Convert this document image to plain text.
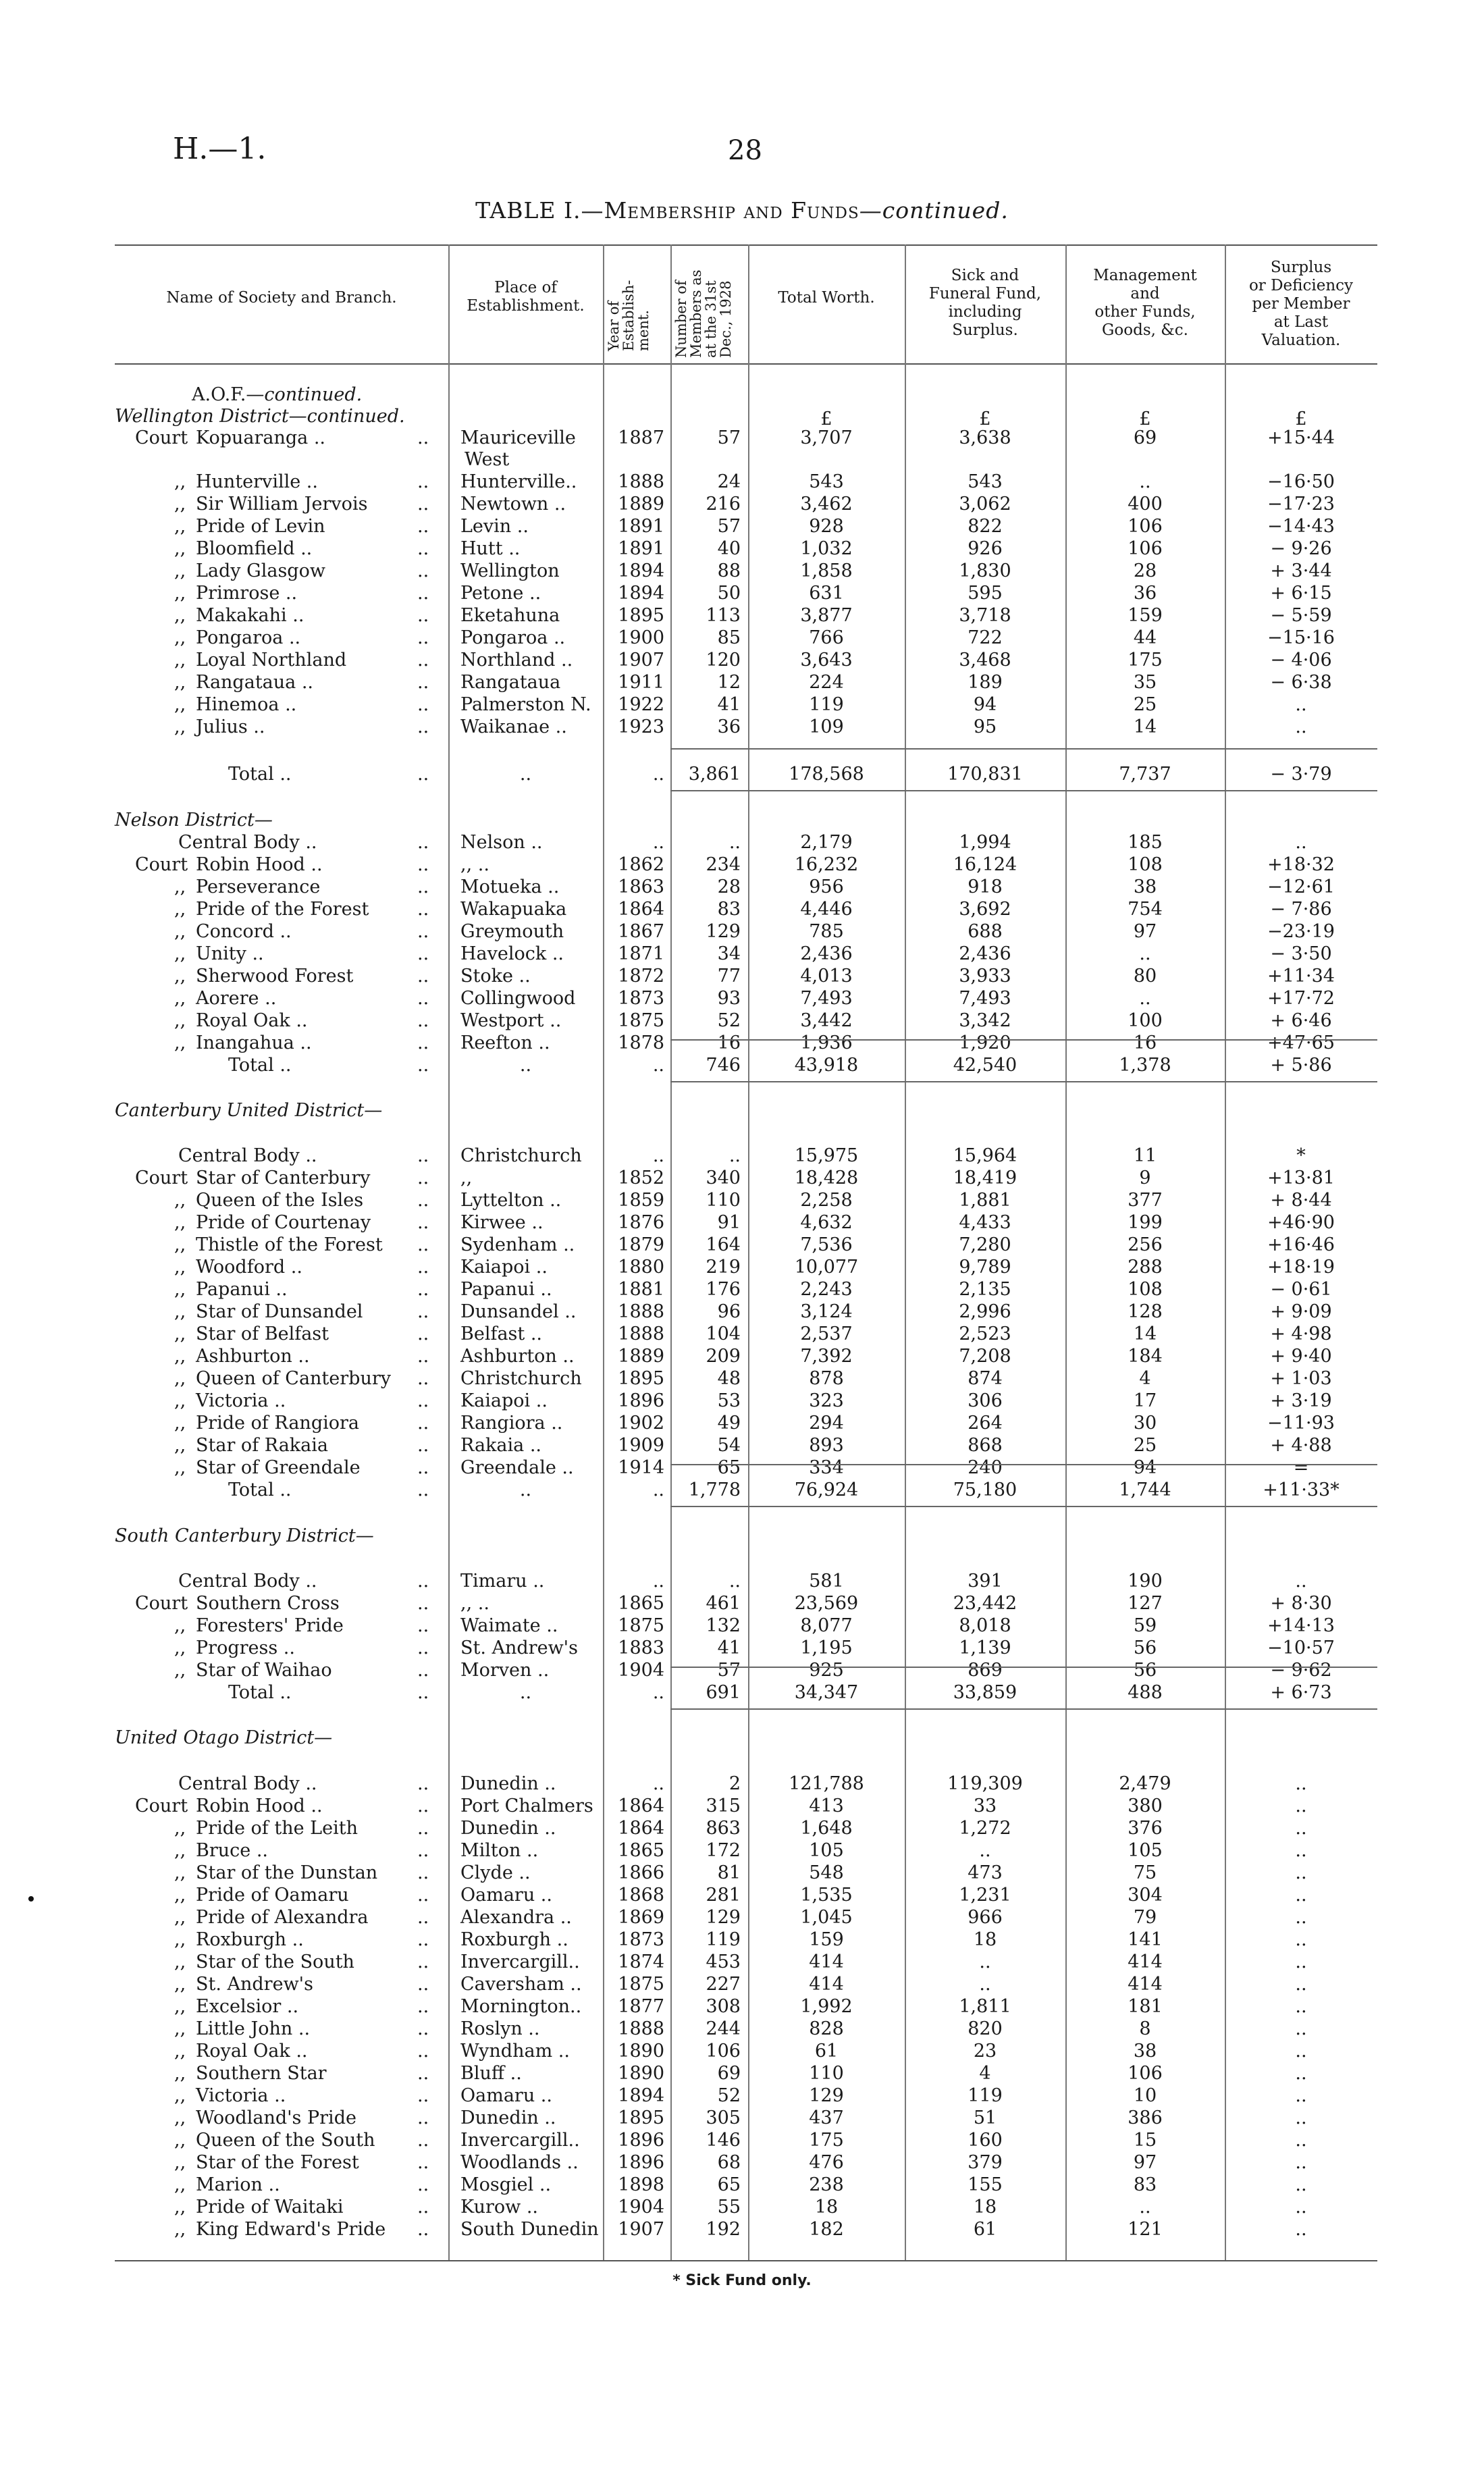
H.—1.	28
TABLE I.—Membership and Funds—continued.
Name of Society and Branch.
Place of
Establishment.	Year of
Establish-
ment. Number of
Members as
at the 31st
Dec., 1928	Total Worth.
Sick and
Funeral Fund,
including
Surplus.
Management
and
other Funds,
Goods, &c.
Surplus
or Deficiency
per Member
at Last
Valuation.
£	£	£	£
A.O.F.—continued.
Wellington District—continued.
Court Kopuaranga ..	.. Mauriceville	1887	57	3,707	3,638	69	+15·44
West
,, Hunterville ..	.. Hunterville..	1888	24	543	543	..	−16·50
,, Sir William Jervois	.. Newtown ..	1889	216	3,462	3,062	400	−17·23
,, Pride of Levin	.. Levin ..	1891	57	928	822	106	−14·43
,, Bloomfield ..	.. Hutt ..	1891	40	1,032	926	106	− 9·26
,, Lady Glasgow	.. Wellington	1894	88	1,858	1,830	28	+ 3·44
,, Primrose ..	.. Petone ..	1894	50	631	595	36	+ 6·15
,, Makakahi ..	.. Eketahuna	1895	113	3,877	3,718	159	− 5·59
,, Pongaroa ..	.. Pongaroa ..	1900	85	766	722	44	−15·16
,, Loyal Northland	.. Northland ..	1907	120	3,643	3,468	175	− 4·06
,, Rangataua ..	.. Rangataua	1911	12	224	189	35	− 6·38
,, Hinemoa ..	.. Palmerston N.	1922	41	119	94	25	..
,, Julius ..	.. Waikanae ..	1923	36	109	95	14	..
Total ..	..	..	..	3,861	178,568	170,831	7,737	− 3·79
Nelson District—
Central Body ..	.. Nelson ..	..	..	2,179	1,994	185	..
Court Robin Hood ..	.. ,, ..	1862	234	16,232	16,124	108	+18·32
,, Perseverance	.. Motueka ..	1863	28	956	918	38	−12·61
,, Pride of the Forest	.. Wakapuaka	1864	83	4,446	3,692	754	− 7·86
,, Concord ..	.. Greymouth	1867	129	785	688	97	−23·19
,, Unity ..	.. Havelock ..	1871	34	2,436	2,436	..	− 3·50
,, Sherwood Forest	.. Stoke ..	1872	77	4,013	3,933	80	+11·34
,, Aorere ..	.. Collingwood	1873	93	7,493	7,493	..	+17·72
,, Royal Oak ..	.. Westport ..	1875	52	3,442	3,342	100	+ 6·46
,, Inangahua ..	.. Reefton ..	1878	16	1,936	1,920	16	+47·65
Total ..	..	..	..	746	43,918	42,540	1,378	+ 5·86
Canterbury United District—
Central Body ..	.. Christchurch	..	..	15,975	15,964	11	*
Court Star of Canterbury	.. ,,	1852	340	18,428	18,419	9	+13·81
,, Queen of the Isles	.. Lyttelton ..	1859	110	2,258	1,881	377	+ 8·44
,, Pride of Courtenay	.. Kirwee ..	1876	91	4,632	4,433	199	+46·90
,, Thistle of the Forest .. Sydenham ..	1879	164	7,536	7,280	256	+16·46
,, Woodford ..	.. Kaiapoi ..	1880	219	10,077	9,789	288	+18·19
,, Papanui ..	.. Papanui ..	1881	176	2,243	2,135	108	− 0·61
,, Star of Dunsandel	.. Dunsandel ..	1888	96	3,124	2,996	128	+ 9·09
,, Star of Belfast	.. Belfast ..	1888	104	2,537	2,523	14	+ 4·98
,, Ashburton ..	.. Ashburton ..	1889	209	7,392	7,208	184	+ 9·40
,, Queen of Canterbury .. Christchurch	1895	48	878	874	4	+ 1·03
,, Victoria ..	.. Kaiapoi ..	1896	53	323	306	17	+ 3·19
,, Pride of Rangiora	.. Rangiora ..	1902	49	294	264	30	−11·93
,, Star of Rakaia	.. Rakaia ..	1909	54	893	868	25	+ 4·88
,, Star of Greendale	.. Greendale ..	1914	65	334	240	94	=
Total ..	..	..	..	1,778	76,924	75,180	1,744	+11·33*
South Canterbury District—
Central Body ..	.. Timaru ..	..	..	581	391	190	..
Court Southern Cross	.. ,, ..	1865	461	23,569	23,442	127	+ 8·30
,, Foresters' Pride	.. Waimate ..	1875	132	8,077	8,018	59	+14·13
,, Progress ..	.. St. Andrew's	1883	41	1,195	1,139	56	−10·57
,, Star of Waihao	.. Morven ..	1904	57	925	869	56	− 9·62
Total ..	..	..	..	691	34,347	33,859	488	+ 6·73
United Otago District—
Central Body ..	.. Dunedin ..	..	2	121,788	119,309	2,479	..
Court Robin Hood ..	.. Port Chalmers	1864	315	413	33	380	..
,, Pride of the Leith	.. Dunedin ..	1864	863	1,648	1,272	376	..
,, Bruce ..	.. Milton ..	1865	172	105	..	105	..
,, Star of the Dunstan .. Clyde ..	1866	81	548	473	75	..
,, Pride of Oamaru	.. Oamaru ..	1868	281	1,535	1,231	304	..
,, Pride of Alexandra	.. Alexandra ..	1869	129	1,045	966	79	..
,, Roxburgh ..	.. Roxburgh ..	1873	119	159	18	141	..
,, Star of the South	.. Invercargill..	1874	453	414	..	414	..
,, St. Andrew's	.. Caversham ..	1875	227	414	..	414	..
,, Excelsior ..	.. Mornington..	1877	308	1,992	1,811	181	..
,, Little John ..	.. Roslyn ..	1888	244	828	820	8	..
,, Royal Oak ..	.. Wyndham ..	1890	106	61	23	38	..
,, Southern Star	.. Bluff ..	1890	69	110	4	106	..
,, Victoria ..	.. Oamaru ..	1894	52	129	119	10	..
,, Woodland's Pride	.. Dunedin ..	1895	305	437	51	386	..
,, Queen of the South .. Invercargill..	1896	146	175	160	15	..
,, Star of the Forest	.. Woodlands ..	1896	68	476	379	97	..
,, Marion ..	.. Mosgiel ..	1898	65	238	155	83	..
,, Pride of Waitaki	.. Kurow ..	1904	55	18	18	..	..
,, King Edward's Pride .. South Dunedin	1907	192	182	61	121	..
* Sick Fund only.
